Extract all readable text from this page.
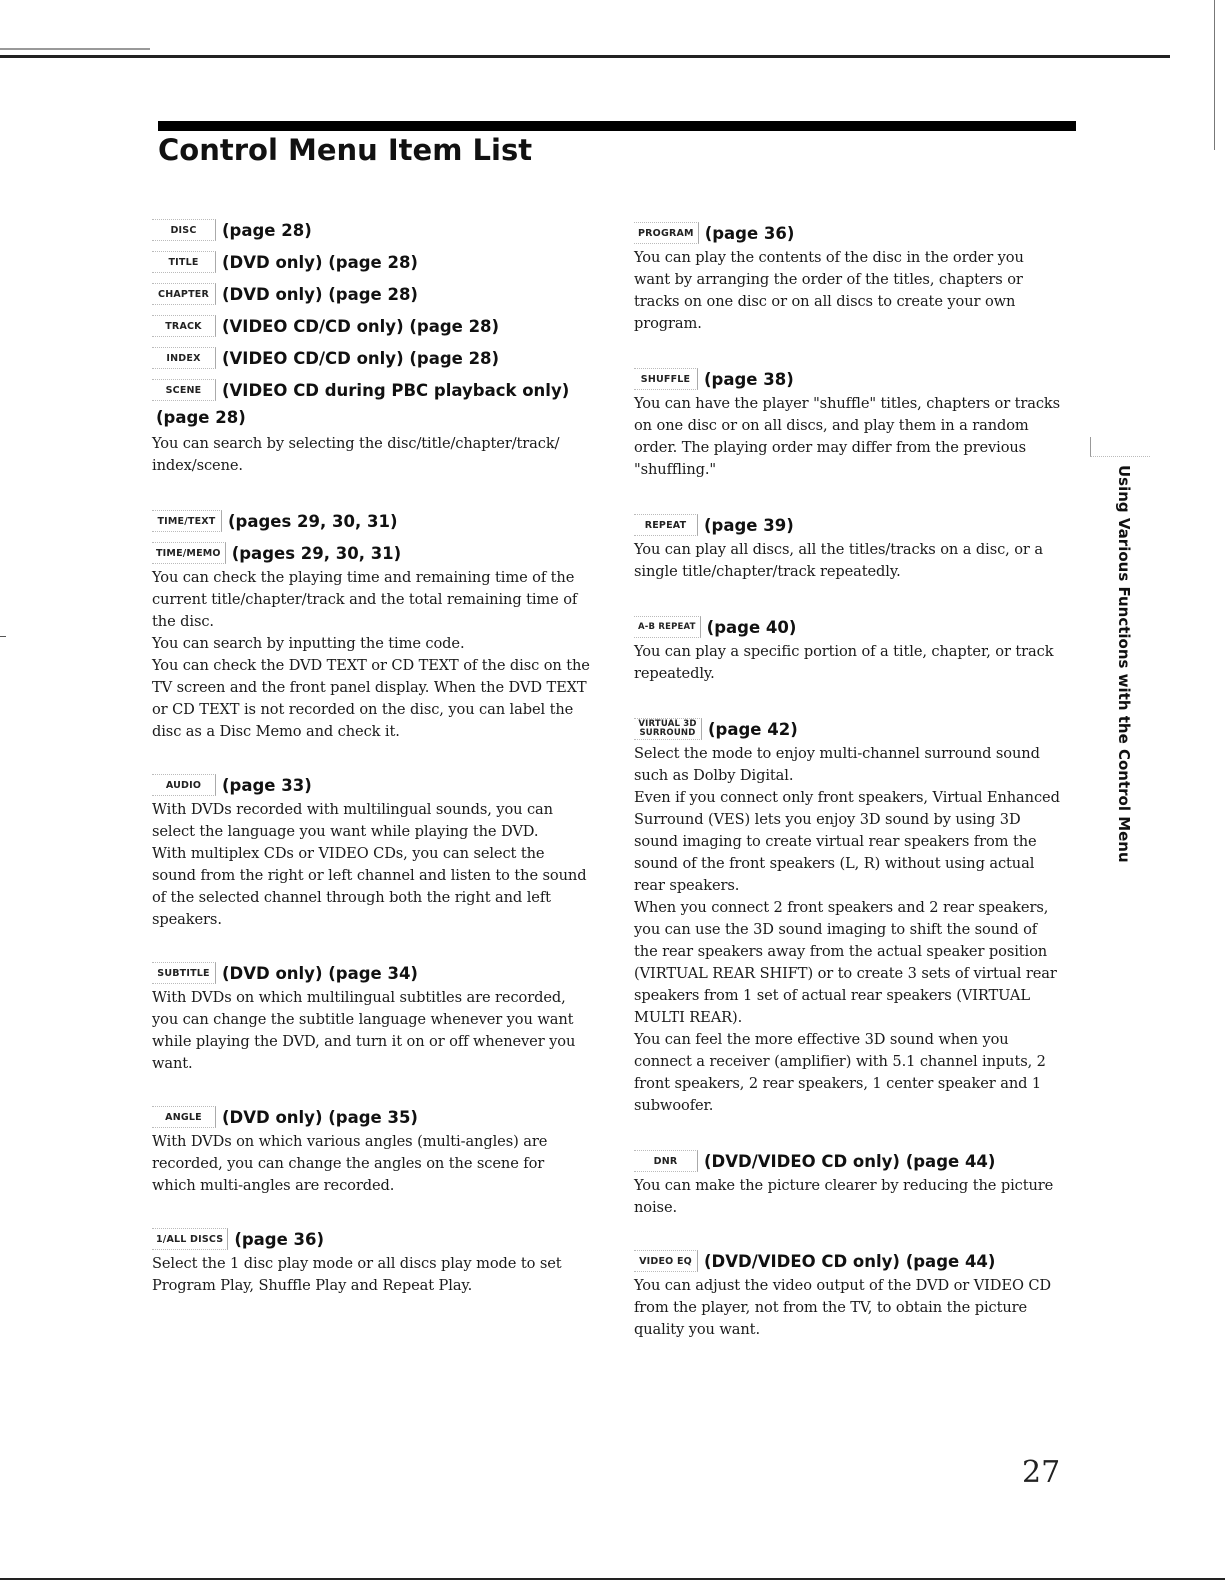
Control Menu Item List
DISC	(page 28)
TITLE	(DVD only) (page 28)
CHAPTER (DVD only) (page 28)
TRACK	(VIDEO CD/CD only) (page 28)
INDEX	(VIDEO CD/CD only) (page 28)
SCENE	(VIDEO CD during PBC playback only)
(page 28)

You can search by selecting the disc/title/chapter/track/ index/scene.

TIME/TEXT (pages 29, 30, 31)
TIME/MEMO (pages 29, 30, 31)

You can check the playing time and remaining time of the current title/chapter/track and the total remaining time of the disc.

You can search by inputting the time code.

You can check the DVD TEXT or CD TEXT of the disc on the TV screen and the front panel display. When the DVD TEXT or CD TEXT is not recorded on the disc, you can label the disc as a Disc Memo and check it.

AUDIO	(page 33)

With DVDs recorded with multilingual sounds, you can select the language you want while playing the DVD.

With multiplex CDs or VIDEO CDs, you can select the sound from the right or left channel and listen to the sound of the selected channel through both the right and left speakers.

SUBTITLE (DVD only) (page 34)

With DVDs on which multilingual subtitles are recorded, you can change the subtitle language whenever you want while playing the DVD, and turn it on or off whenever you want.

ANGLE	(DVD only) (page 35)

With DVDs on which various angles (multi-angles) are recorded, you can change the angles on the scene for which multi-angles are recorded.

1/ALL DISCS (page 36)

Select the 1 disc play mode or all discs play mode to set Program Play, Shuffle Play and Repeat Play.

PROGRAM (page 36)

You can play the contents of the disc in the order you want by arranging the order of the titles, chapters or tracks on one disc or on all discs to create your own program.

SHUFFLE (page 38)

You can have the player "shuffle" titles, chapters or tracks on one disc or on all discs, and play them in a random order. The playing order may differ from the previous "shuffling."

REPEAT	(page 39)

You can play all discs, all the titles/tracks on a disc, or a single title/chapter/track repeatedly.

A-B REPEAT (page 40)

You can play a specific portion of a title, chapter, or track repeatedly.

VIRTUAL 3D SURROUND (page 42)

Select the mode to enjoy multi-channel surround sound such as Dolby Digital.

Even if you connect only front speakers, Virtual Enhanced Surround (VES) lets you enjoy 3D sound by using 3D sound imaging to create virtual rear speakers from the sound of the front speakers (L, R) without using actual rear speakers.

When you connect 2 front speakers and 2 rear speakers, you can use the 3D sound imaging to shift the sound of the rear speakers away from the actual speaker position (VIRTUAL REAR SHIFT) or to create 3 sets of virtual rear speakers from 1 set of actual rear speakers (VIRTUAL MULTI REAR).

You can feel the more effective 3D sound when you connect a receiver (amplifier) with 5.1 channel inputs, 2 front speakers, 2 rear speakers, 1 center speaker and 1 subwoofer.

DNR	(DVD/VIDEO CD only) (page 44)

You can make the picture clearer by reducing the picture noise.

VIDEO EQ (DVD/VIDEO CD only) (page 44)

You can adjust the video output of the DVD or VIDEO CD from the player, not from the TV, to obtain the picture quality you want.

Using Various Functions with the Control Menu
27
